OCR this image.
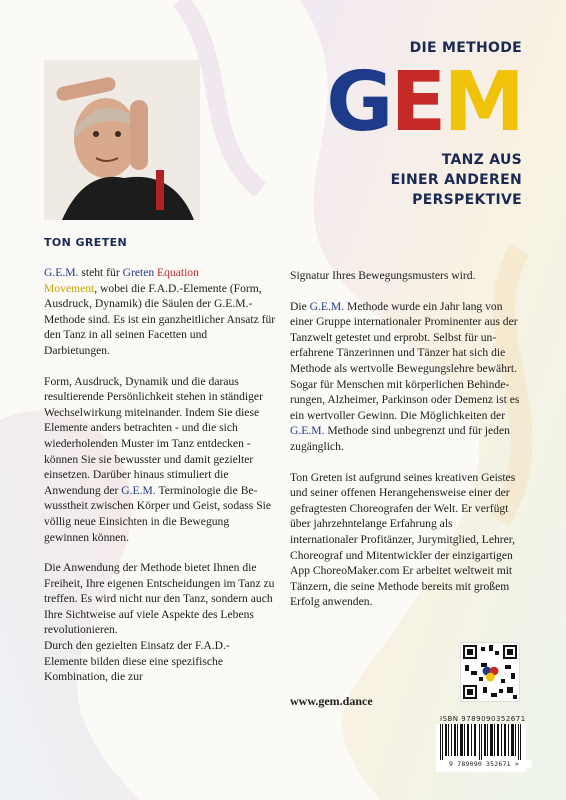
TON GRETEN
DIE METHODE
GEM
TANZ AUS
EINER ANDEREN
PERSPEKTIVE

G.E.M. steht für Greten Equation
Movement, wobei die F.A.D.-Elemente (Form, Ausdruck, Dynamik) die Säulen der G.E.M.-Methode sind. Es ist ein ganzheitlicher Ansatz für den Tanz in all seinen Facetten und Darbietungen.

Form, Ausdruck, Dynamik und die daraus resultierende Persönlichkeit stehen in ständiger Wechselwirkung miteinander. Indem Sie diese Elemente anders betrachten - und die sich wiederholenden Muster im Tanz entdecken - können Sie sie bewusster und damit gezielter einsetzen. Darüber hinaus stimuliert die Anwendung der G.E.M. Terminologie die Bewusstheit zwischen Körper und Geist, sodass Sie völlig neue Einsichten in die Bewegung gewinnen können.

Die Anwendung der Methode bietet Ihnen die Freiheit, Ihre eigenen Entscheidungen im Tanz zu treffen. Es wird nicht nur den Tanz, sondern auch Ihre Sichtweise auf viele Aspekte des Lebens revolutionieren.

Durch den gezielten Einsatz der F.A.D.- Elemente bilden diese eine spezifische Kombination, die zur

Signatur Ihres Bewegungsmusters wird.

Die G.E.M. Methode wurde ein Jahr lang von einer Gruppe internationaler Prominenter aus der Tanzwelt getestet und erprobt. Selbst für unerfahrene Tänzerinnen und Tänzer hat sich die Methode als wertvolle Bewegungslehre bewährt. Sogar für Menschen mit körperlichen Behinderungen, Alzheimer, Parkinson oder Demenz ist es ein wertvoller Gewinn. Die Möglichkeiten der G.E.M. Methode sind unbegrenzt und für jeden zugänglich.

Ton Greten ist aufgrund seines kreativen Geistes und seiner offenen Herangehensweise einer der gefragtesten Choreografen der Welt. Er verfügt über jahrzehntelange Erfahrung als internationaler Profitänzer, Jurymitglied, Lehrer, Choreograf und Mitentwickler der einzigartigen App ChoreoMaker.com Er arbeitet weltweit mit Tänzern, die seine Methode bereits mit großem Erfolg anwenden.

www.gem.dance
ISBN 9789090352671
9 789090 352671 >
